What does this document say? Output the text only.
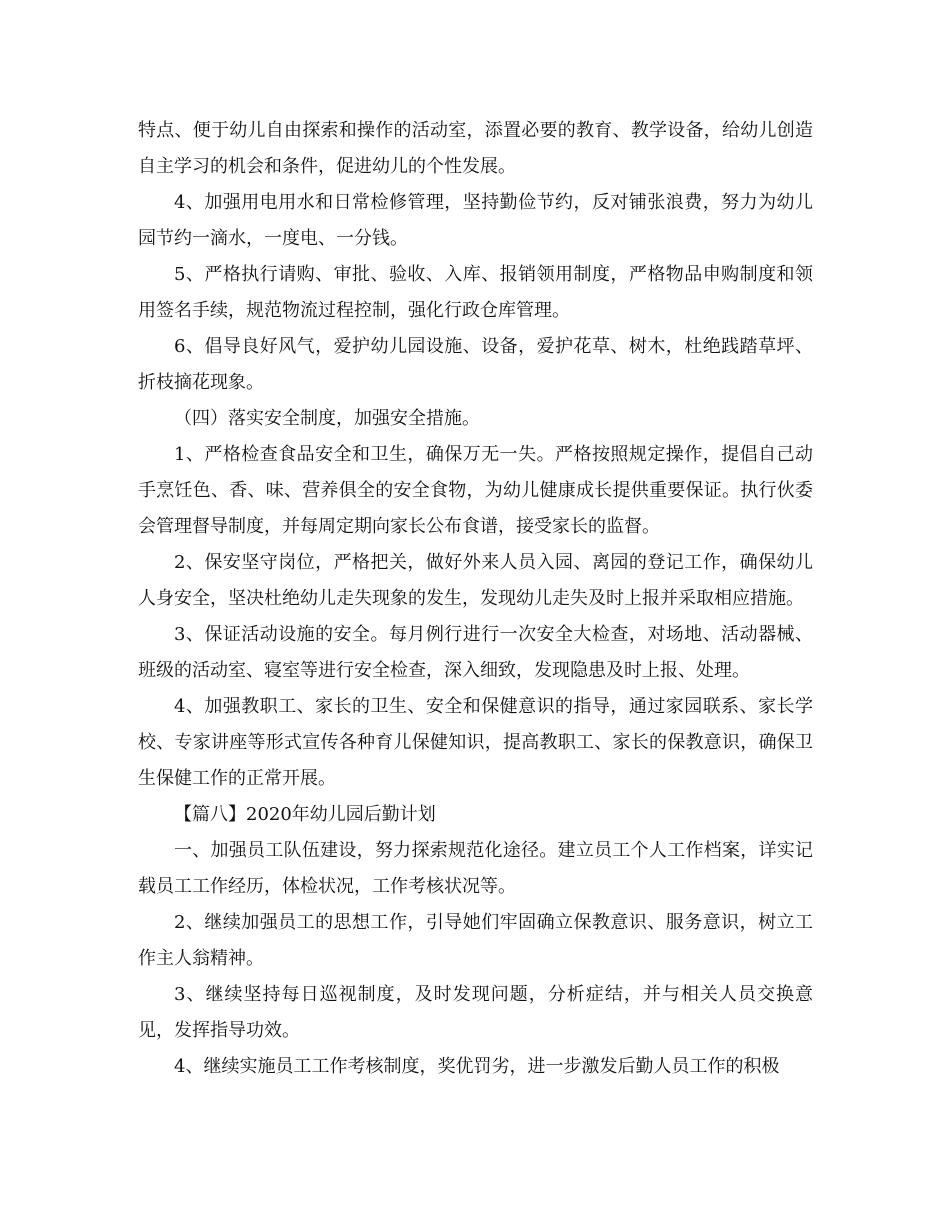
特点、便于幼儿自由探索和操作的活动室，添置必要的教育、教学设备，给幼儿创造自主学习的机会和条件，促进幼儿的个性发展。

4、加强用电用水和日常检修管理，坚持勤俭节约，反对铺张浪费，努力为幼儿园节约一滴水，一度电、一分钱。

5、严格执行请购、审批、验收、入库、报销领用制度，严格物品申购制度和领用签名手续，规范物流过程控制，强化行政仓库管理。

6、倡导良好风气，爱护幼儿园设施、设备，爱护花草、树木，杜绝践踏草坪、折枝摘花现象。

（四）落实安全制度，加强安全措施。

1、严格检查食品安全和卫生，确保万无一失。严格按照规定操作，提倡自己动手烹饪色、香、味、营养俱全的安全食物，为幼儿健康成长提供重要保证。执行伙委会管理督导制度，并每周定期向家长公布食谱，接受家长的监督。

2、保安坚守岗位，严格把关，做好外来人员入园、离园的登记工作，确保幼儿人身安全，坚决杜绝幼儿走失现象的发生，发现幼儿走失及时上报并采取相应措施。

3、保证活动设施的安全。每月例行进行一次安全大检查，对场地、活动器械、班级的活动室、寝室等进行安全检查，深入细致，发现隐患及时上报、处理。

4、加强教职工、家长的卫生、安全和保健意识的指导，通过家园联系、家长学校、专家讲座等形式宣传各种育儿保健知识，提高教职工、家长的保教意识，确保卫生保健工作的正常开展。

【篇八】2020年幼儿园后勤计划

一、加强员工队伍建设，努力探索规范化途径。建立员工个人工作档案，详实记载员工工作经历，体检状况，工作考核状况等。

2、继续加强员工的思想工作，引导她们牢固确立保教意识、服务意识，树立工作主人翁精神。

3、继续坚持每日巡视制度，及时发现问题，分析症结，并与相关人员交换意见，发挥指导功效。

4、继续实施员工工作考核制度，奖优罚劣，进一步激发后勤人员工作的积极
